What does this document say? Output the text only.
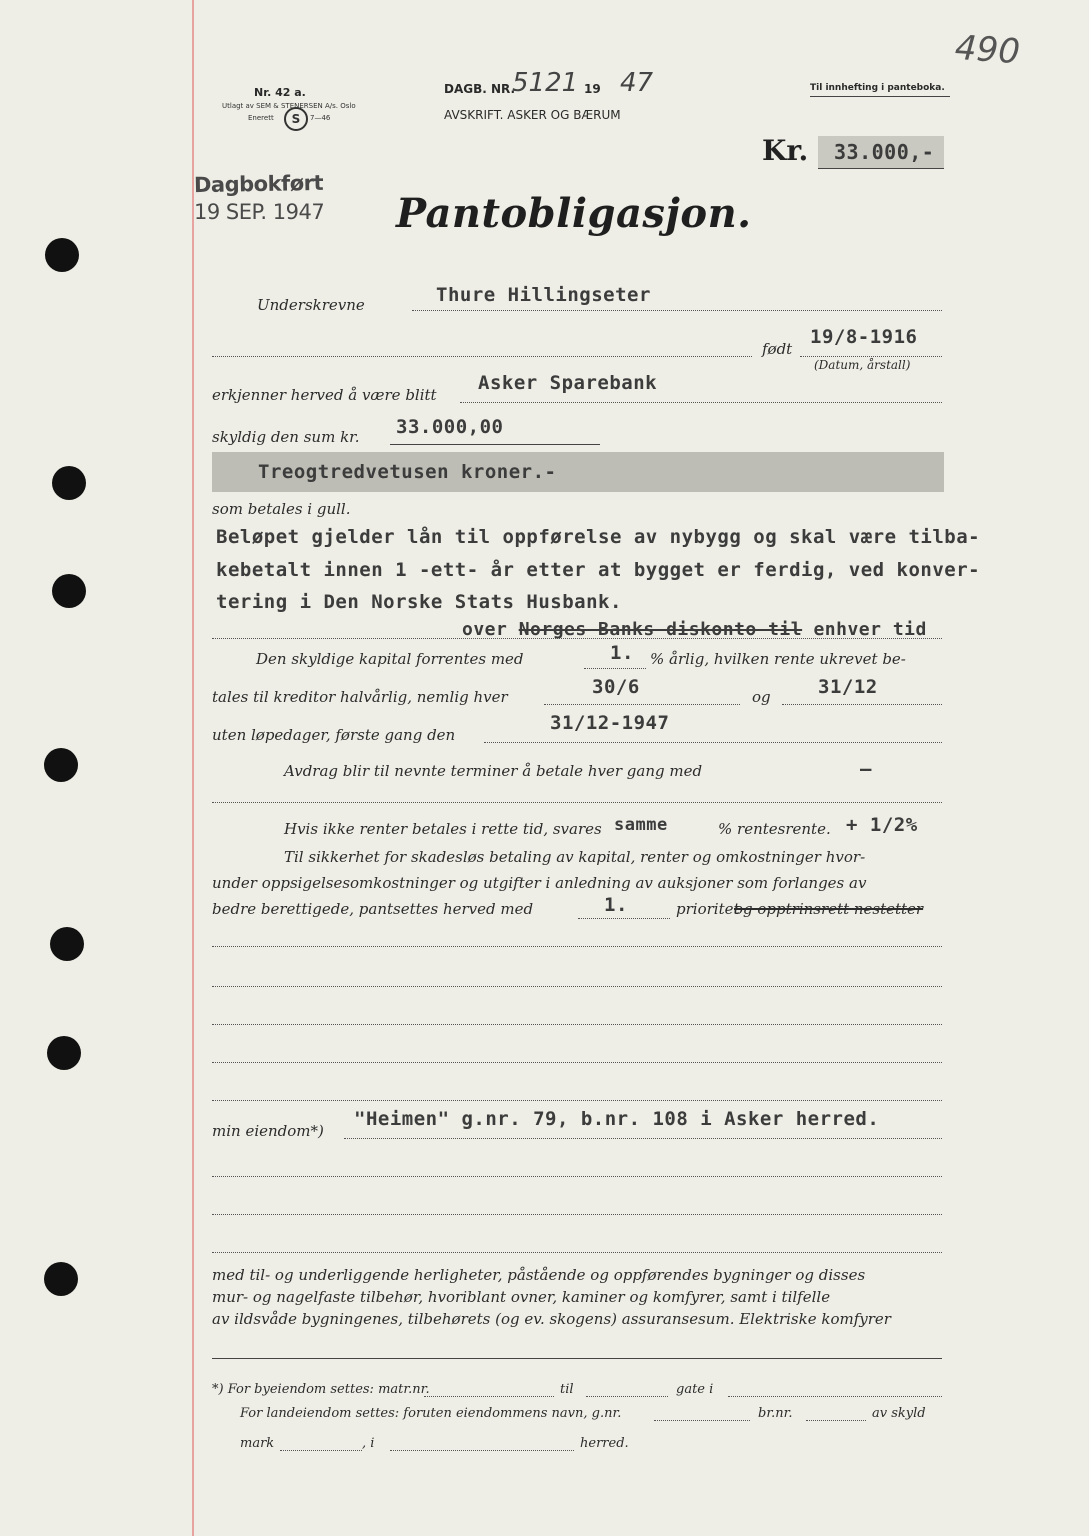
Nr. 42 a.
Utlagt av SEM & STENERSEN A/s. Oslo
Enerett	S	7—46
DAGB. NR.
5121 19 47
AVSKRIFT. ASKER OG BÆRUM
Til innhefting i panteboka.
490
Kr. 33.000,-
Dagbokført
19 SEP. 1947 Pantobligasjon.
Underskrevne	Thure Hillingseter
født
19/8-1916
(Datum, årstall)
erkjenner herved å være blitt
Asker Sparebank
skyldig den sum kr. 33.000,00
Treogtredvetusen kroner.-
som betales i gull.
Beløpet gjelder lån til oppførelse av nybygg og skal være tilba-
kebetalt innen 1 -ett- år etter at bygget er ferdig, ved konver-
tering i Den Norske Stats Husbank.
over Norges Banks diskonto til enhver tid
Den skyldige kapital forrentes med	1. % årlig, hvilken rente ukrevet be-
tales til kreditor halvårlig, nemlig hver	30/6	og 31/12
uten løpedager, første gang den
31/12-1947
Avdrag blir til nevnte terminer å betale hver gang med	—
Hvis ikke renter betales i rette tid, svares samme	% rentesrente. + 1/2%
Til sikkerhet for skadesløs betaling av kapital, renter og omkostninger hvor-
under oppsigelsesomkostninger og utgifter i anledning av auksjoner som forlanges av
bedre berettigede, pantsettes herved med	1.	prioritet
og opptrinsrett nestetter
min eiendom*)
"Heimen" g.nr. 79, b.nr. 108 i Asker herred.
med til- og underliggende herligheter, påstående og oppførendes bygninger og disses
mur- og nagelfaste tilbehør, hvoriblant ovner, kaminer og komfyrer, samt i tilfelle
av ildsvåde bygningenes, tilbehørets (og ev. skogens) assuransesum. Elektriske komfyrer
*) For byeiendom settes: matr.nr.	til	gate i
For landeiendom settes: foruten eiendommens navn, g.nr.	br.nr.	av skyld
mark	, i	herred.
